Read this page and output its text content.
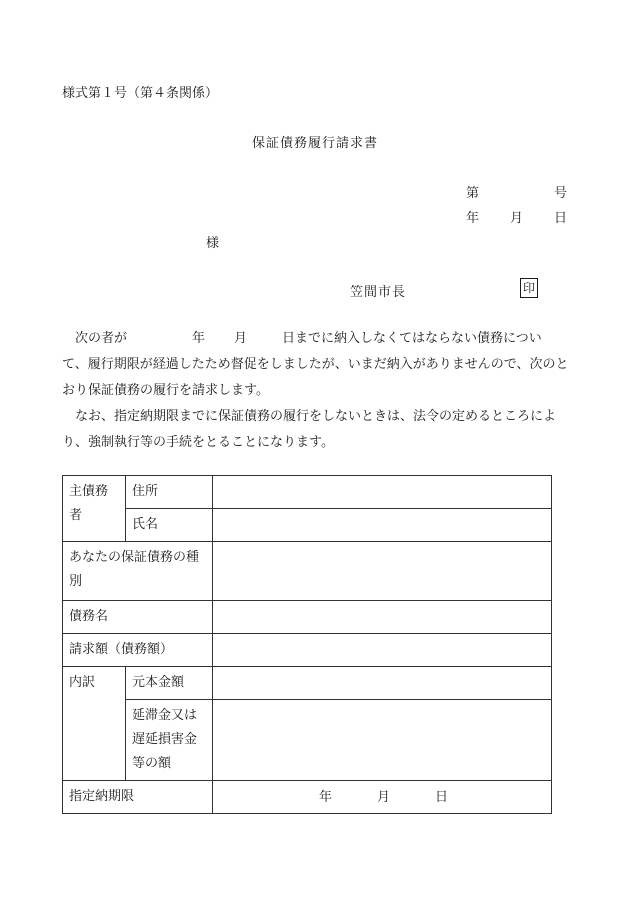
様式第１号（第４条関係）
保証債務履行請求書
第	号
年 月 日
様
笠間市長	印
次の者が	年 月	日までに納入しなくてはならない債務につい

て、履行期限が経過したため督促をしましたが、いまだ納入がありませんので、次のとおり保証債務の履行を請求します。

なお、指定納期限までに保証債務の履行をしないときは、法令の定めるところにより、強制執行等の手続をとることになります。

主債務者	住所	
	氏名	
あなたの保証債務の種別		
債務名		
請求額（債務額）		
内訳	元本金額	
	延滞金又は遅延損害金等の額	
指定納期限		年 月 日
